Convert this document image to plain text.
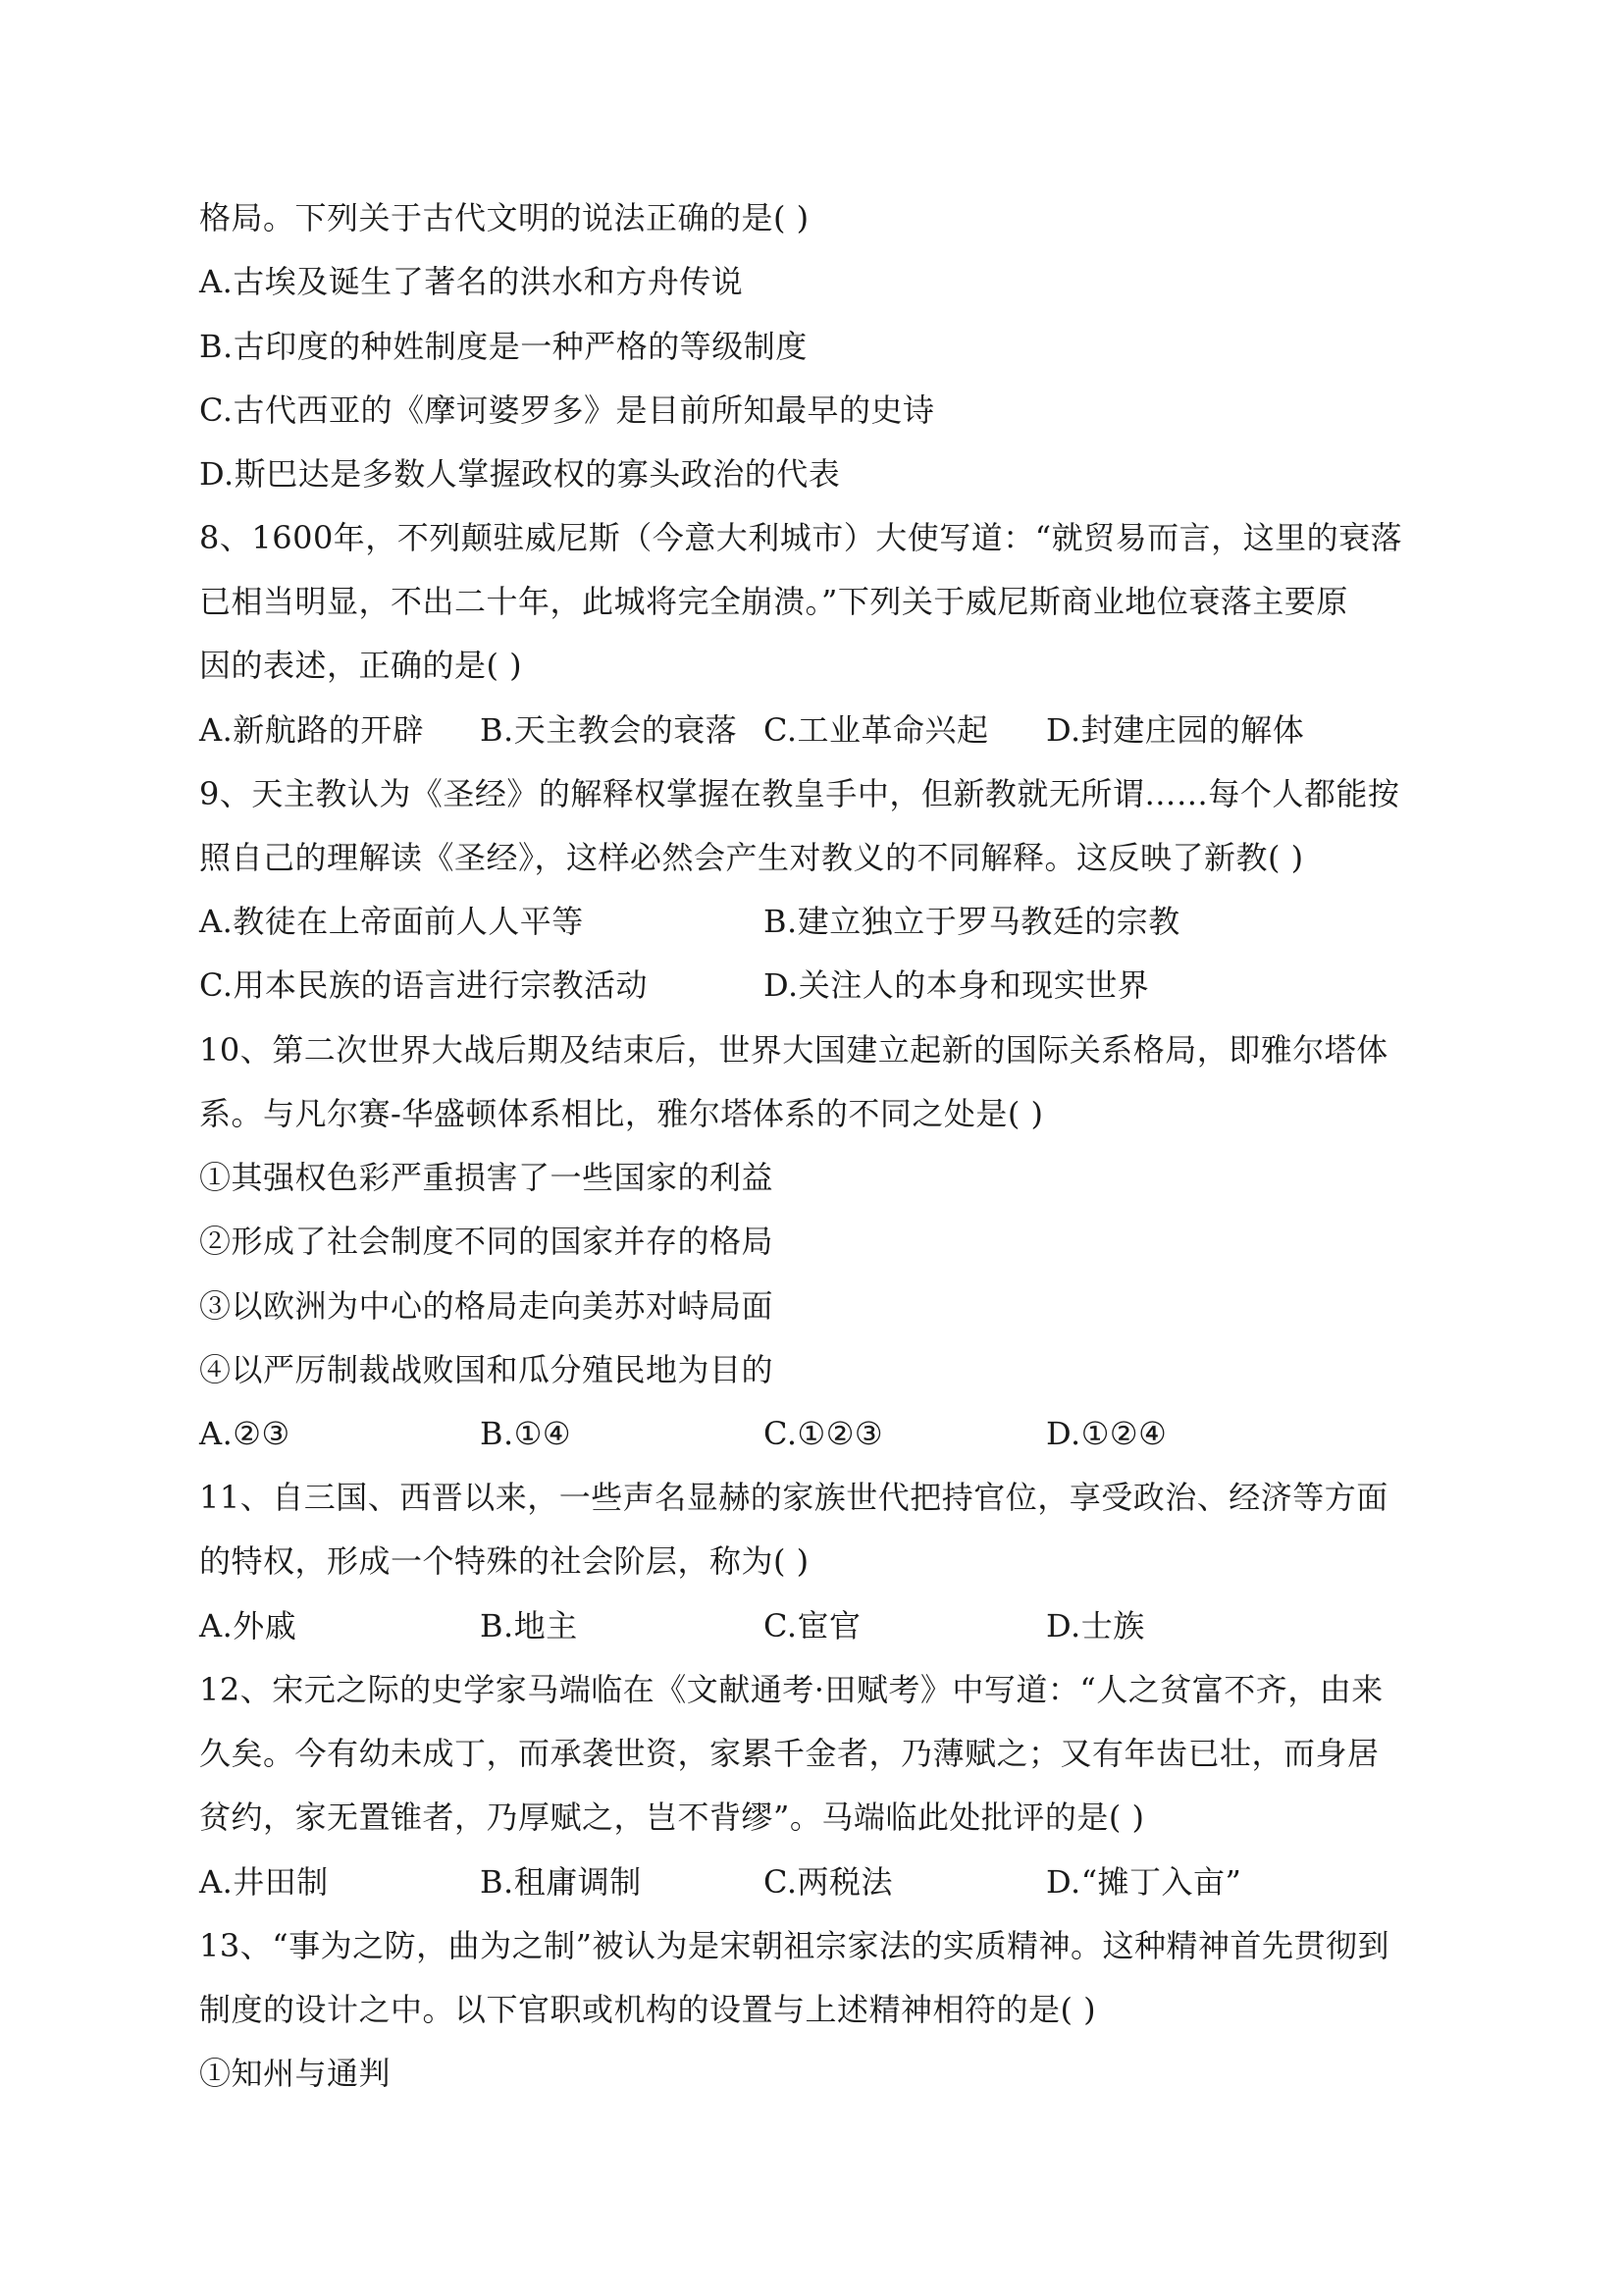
格局。下列关于古代文明的说法正确的是( )
A.古埃及诞生了著名的洪水和方舟传说
B.古印度的种姓制度是一种严格的等级制度
C.古代西亚的《摩诃婆罗多》是目前所知最早的史诗
D.斯巴达是多数人掌握政权的寡头政治的代表
8、1600年，不列颠驻威尼斯（今意大利城市）大使写道：“就贸易而言，这里的衰落
已相当明显，不出二十年，此城将完全崩溃。”下列关于威尼斯商业地位衰落主要原
因的表述，正确的是( )
A.新航路的开辟 B.天主教会的衰落 C.工业革命兴起 D.封建庄园的解体
9、天主教认为《圣经》的解释权掌握在教皇手中，但新教就无所谓……每个人都能按
照自己的理解读《圣经》，这样必然会产生对教义的不同解释。这反映了新教( )
A.教徒在上帝面前人人平等	B.建立独立于罗马教廷的宗教
C.用本民族的语言进行宗教活动	D.关注人的本身和现实世界
10、第二次世界大战后期及结束后，世界大国建立起新的国际关系格局，即雅尔塔体
系。与凡尔赛-华盛顿体系相比，雅尔塔体系的不同之处是( )
①其强权色彩严重损害了一些国家的利益
②形成了社会制度不同的国家并存的格局
③以欧洲为中心的格局走向美苏对峙局面
④以严厉制裁战败国和瓜分殖民地为目的
A.②③	B.①④	C.①②③	D.①②④
11、自三国、西晋以来，一些声名显赫的家族世代把持官位，享受政治、经济等方面
的特权，形成一个特殊的社会阶层，称为( )
A.外戚	B.地主	C.宦官	D.士族
12、宋元之际的史学家马端临在《文献通考·田赋考》中写道：“人之贫富不齐，由来
久矣。今有幼未成丁，而承袭世资，家累千金者，乃薄赋之；又有年齿已壮，而身居
贫约，家无置锥者，乃厚赋之，岂不背缪”。马端临此处批评的是( )
A.井田制	B.租庸调制	C.两税法	D.“摊丁入亩”
13、“事为之防，曲为之制”被认为是宋朝祖宗家法的实质精神。这种精神首先贯彻到
制度的设计之中。以下官职或机构的设置与上述精神相符的是( )
①知州与通判
